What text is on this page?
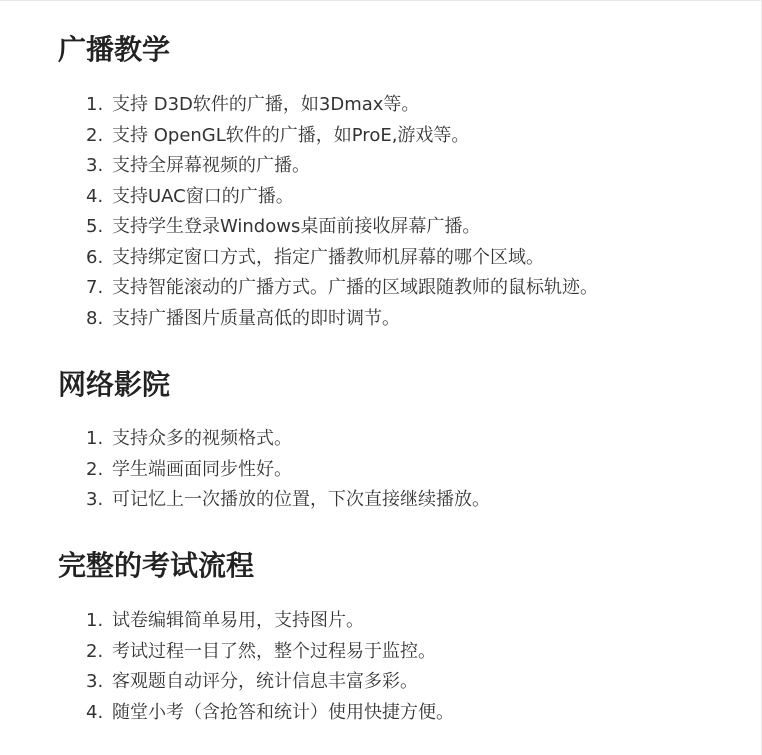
广播教学
1. 支持 D3D软件的广播，如3Dmax等。
2. 支持 OpenGL软件的广播，如ProE,游戏等。
3. 支持全屏幕视频的广播。
4. 支持UAC窗口的广播。
5. 支持学生登录Windows桌面前接收屏幕广播。
6. 支持绑定窗口方式，指定广播教师机屏幕的哪个区域。
7. 支持智能滚动的广播方式。广播的区域跟随教师的鼠标轨迹。
8. 支持广播图片质量高低的即时调节。
网络影院
1. 支持众多的视频格式。
2. 学生端画面同步性好。
3. 可记忆上一次播放的位置，下次直接继续播放。
完整的考试流程
1. 试卷编辑简单易用，支持图片。
2. 考试过程一目了然，整个过程易于监控。
3. 客观题自动评分，统计信息丰富多彩。
4. 随堂小考（含抢答和统计）使用快捷方便。
